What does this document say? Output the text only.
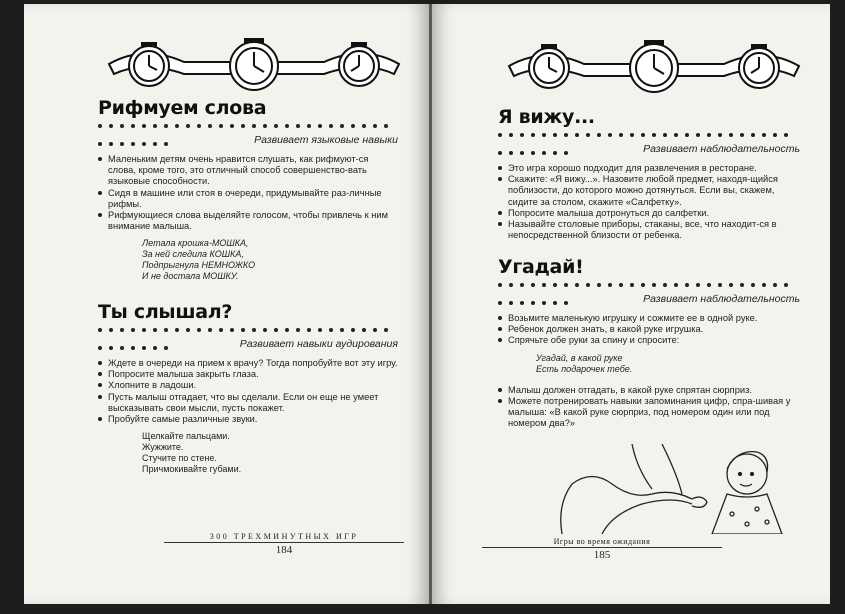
Рифмуем слова
Развивает языковые навыки
Маленьким детям очень нравится слушать, как рифмуют-ся слова, кроме того, это отличный способ совершенство-вать языковые способности.
Сидя в машине или стоя в очереди, придумывайте раз-личные рифмы.
Рифмующиеся слова выделяйте голосом, чтобы привлечь к ним внимание малыша.
Летала крошка-МОШКА,
За ней следила КОШКА,
Подпрыгнула НЕМНОЖКО
И не достала МОШКУ.
Ты слышал?
Развивает навыки аудирования
Ждете в очереди на прием к врачу? Тогда попробуйте вот эту игру.
Попросите малыша закрыть глаза.
Хлопните в ладоши.
Пусть малыш отгадает, что вы сделали. Если он еще не умеет высказывать свои мысли, пусть покажет.
Пробуйте самые различные звуки.
Щелкайте пальцами.
Жужжите.
Стучите по стене.
Причмокивайте губами.
300 ТРЕХМИНУТНЫХ ИГР
184
Я вижу...
Развивает наблюдательность
Это игра хорошо подходит для развлечения в ресторане.
Скажите: «Я вижу...». Назовите любой предмет, находя-щийся поблизости, до которого можно дотянуться. Если вы, скажем, сидите за столом, скажите «Салфетку».
Попросите малыша дотронуться до салфетки.
Называйте столовые приборы, стаканы, все, что находит-ся в непосредственной близости от ребенка.
Угадай!
Развивает наблюдательность
Возьмите маленькую игрушку и сожмите ее в одной руке.
Ребенок должен знать, в какой руке игрушка.
Спрячьте обе руки за спину и спросите:
Угадай, в какой руке
Есть подарочек тебе.
Малыш должен отгадать, в какой руке спрятан сюрприз.
Можете потренировать навыки запоминания цифр, спра-шивая у малыша: «В какой руке сюрприз, под номером один или под номером два?»
Игры во время ожидания
185
